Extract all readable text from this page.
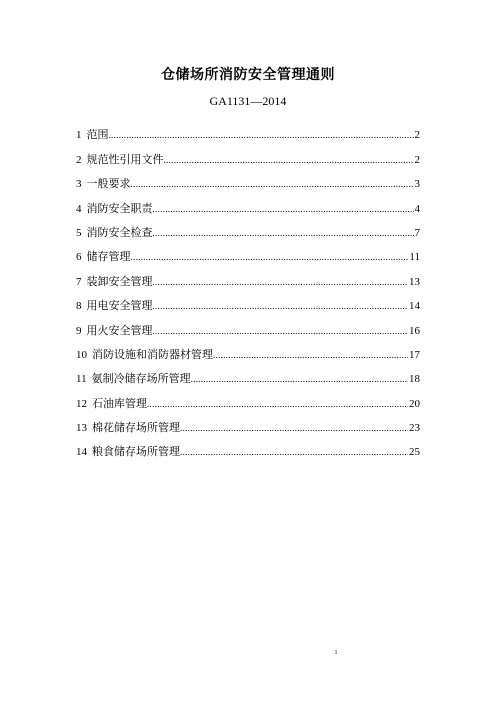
仓储场所消防安全管理通则
GA1131—2014
1 范围 .....	2
2 规范性引用文件 .....	2
3 一般要求 .....	3
4 消防安全职责 .....	4
5 消防安全检查 .....	7
6 储存管理 .....	11
7 装卸安全管理 .....	13
8 用电安全管理 .....	14
9 用火安全管理 .....	16
10 消防设施和消防器材管理 .....	17
11 氨制冷储存场所管理 .....	18
12 石油库管理 .....	20
13 棉花储存场所管理 .....	23
14 粮食储存场所管理 .....	25
1
